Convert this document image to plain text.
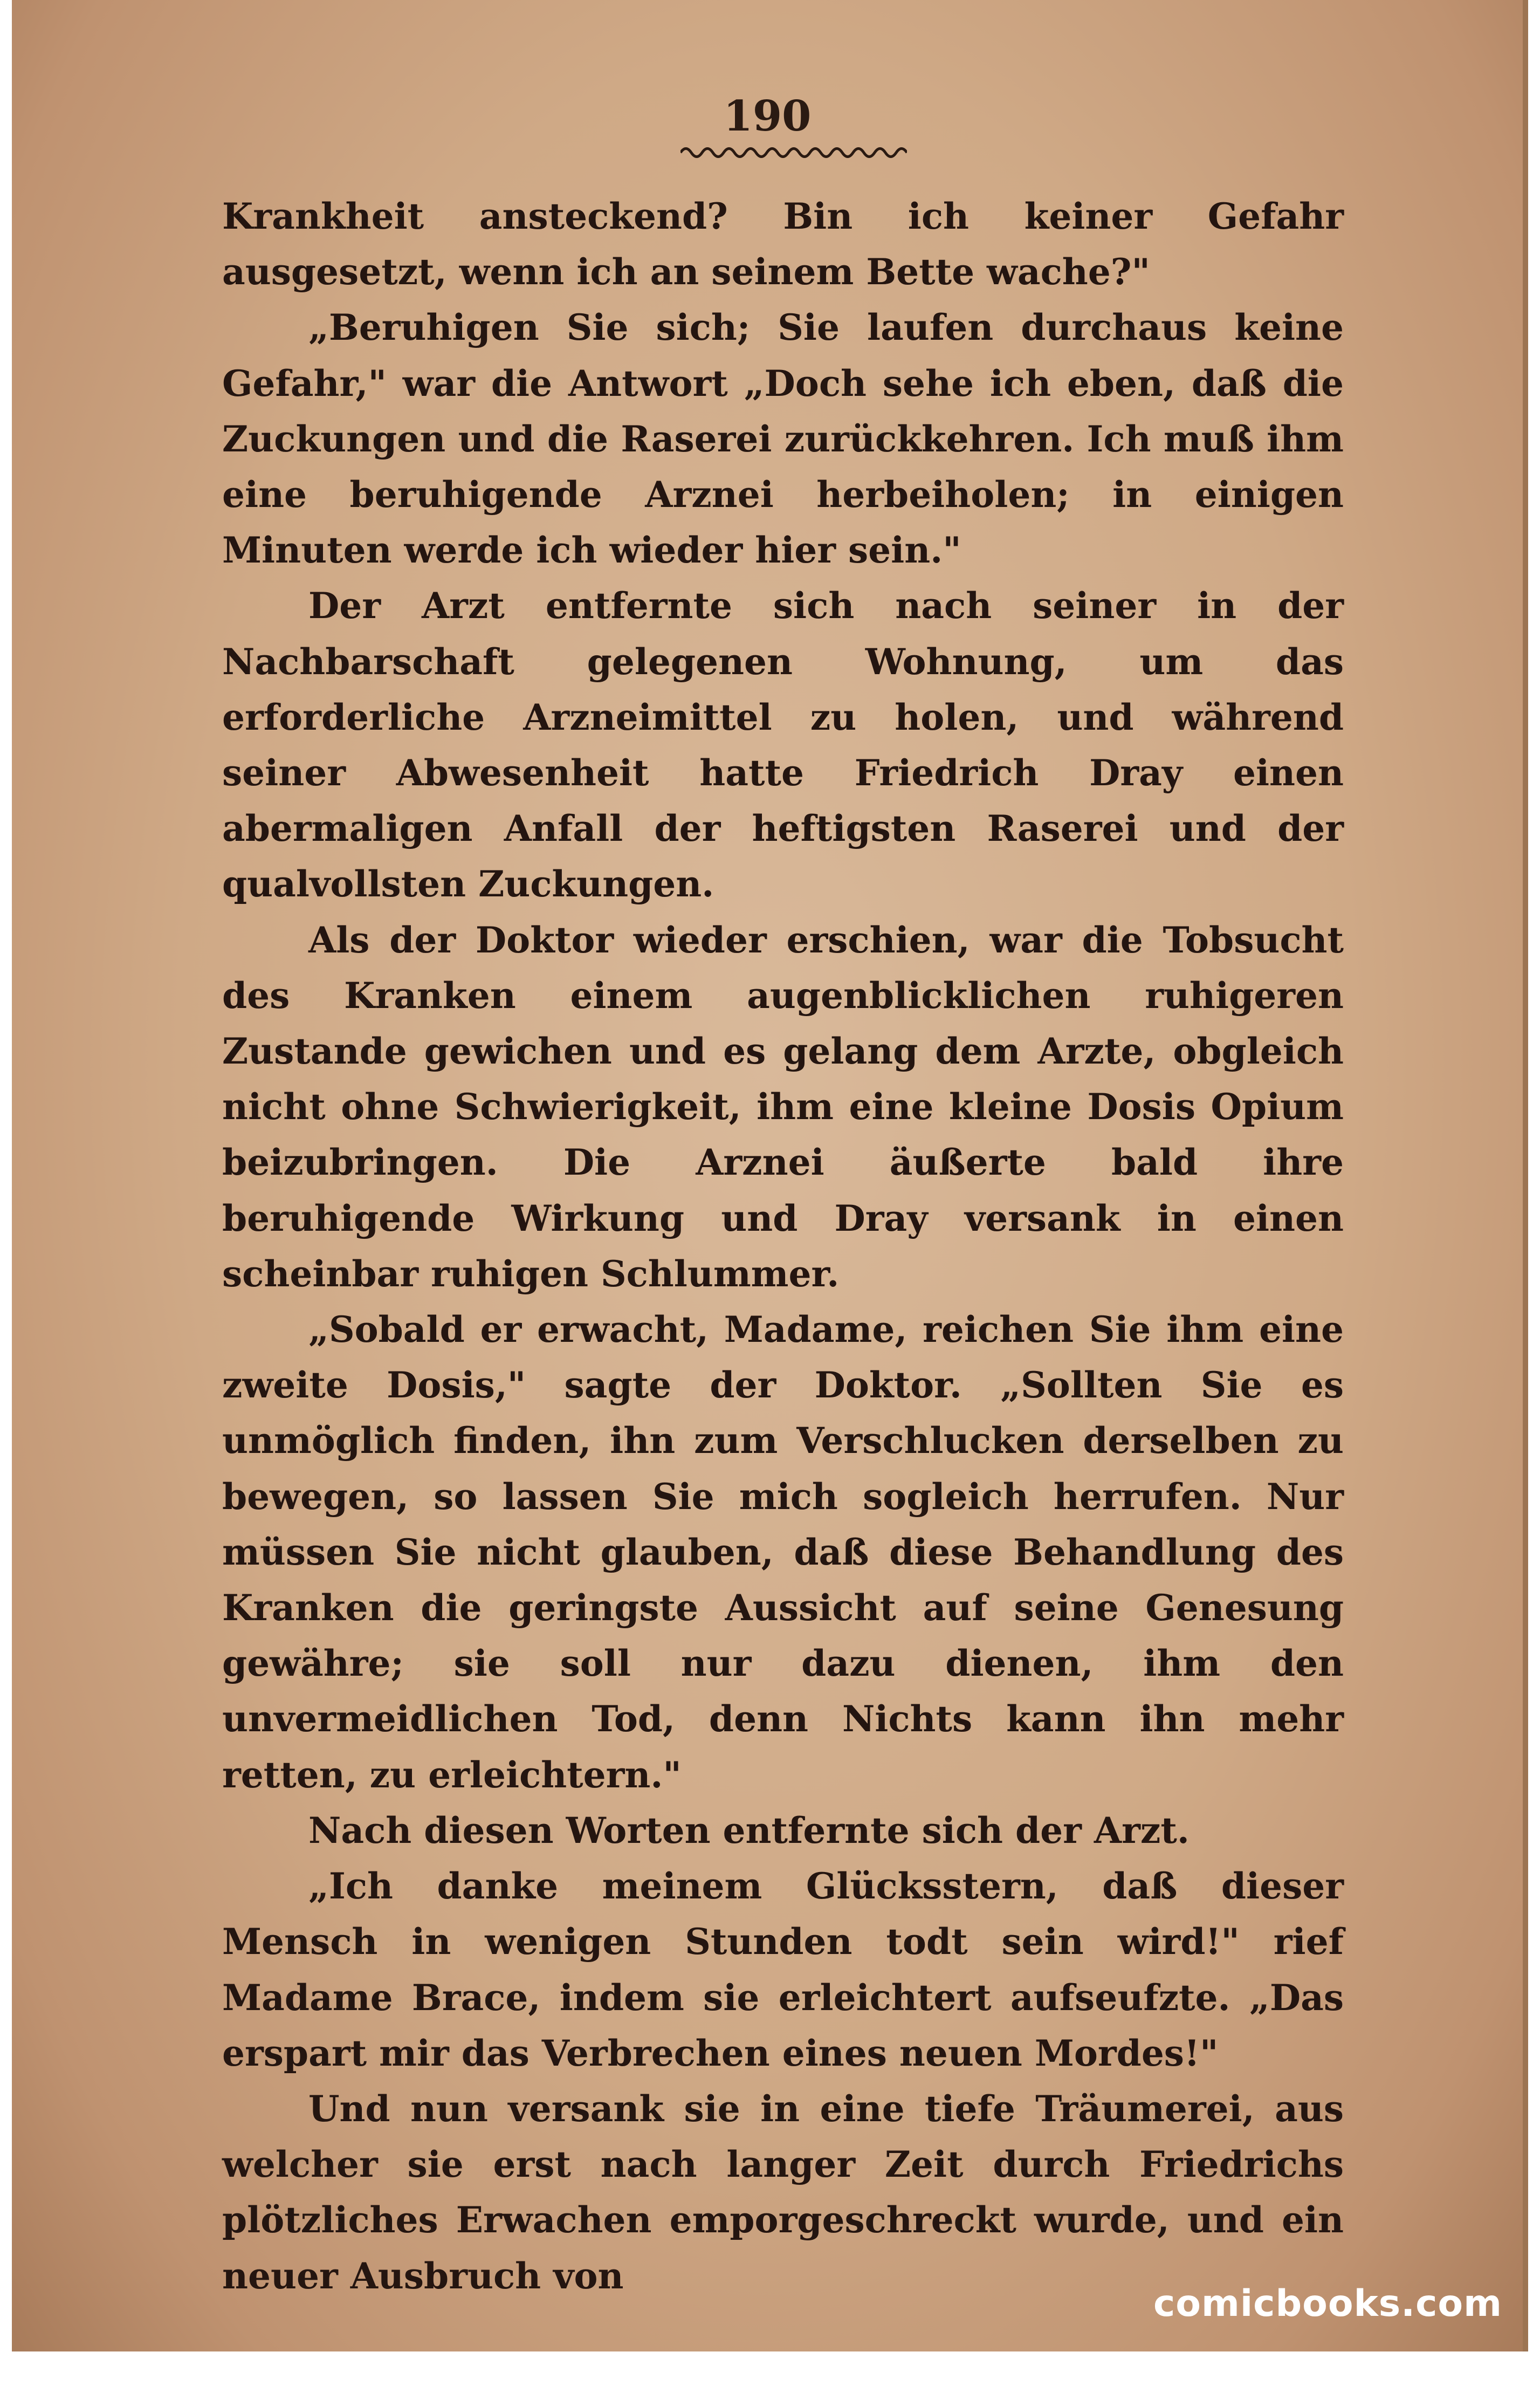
190

Krankheit ansteckend? Bin ich keiner Gefahr ausgesetzt, wenn ich an seinem Bette wache?"

„Beruhigen Sie sich; Sie laufen durchaus keine Gefahr," war die Antwort „Doch sehe ich eben, daß die Zuckungen und die Raserei zurückkehren. Ich muß ihm eine beruhigende Arznei herbeiholen; in einigen Minuten werde ich wieder hier sein."

Der Arzt entfernte sich nach seiner in der Nachbarschaft gelegenen Wohnung, um das erforderliche Arzneimittel zu holen, und während seiner Abwesenheit hatte Friedrich Dray einen abermaligen Anfall der heftigsten Raserei und der qualvollsten Zuckungen.

Als der Doktor wieder erschien, war die Tobsucht des Kranken einem augenblicklichen ruhigeren Zustande gewichen und es gelang dem Arzte, obgleich nicht ohne Schwierigkeit, ihm eine kleine Dosis Opium beizubringen. Die Arznei äußerte bald ihre beruhigende Wirkung und Dray versank in einen scheinbar ruhigen Schlummer.

„Sobald er erwacht, Madame, reichen Sie ihm eine zweite Dosis," sagte der Doktor. „Sollten Sie es unmöglich finden, ihn zum Verschlucken derselben zu bewegen, so lassen Sie mich sogleich herrufen. Nur müssen Sie nicht glauben, daß diese Behandlung des Kranken die geringste Aussicht auf seine Genesung gewähre; sie soll nur dazu dienen, ihm den unvermeidlichen Tod, denn Nichts kann ihn mehr retten, zu erleichtern."

Nach diesen Worten entfernte sich der Arzt.

„Ich danke meinem Glücksstern, daß dieser Mensch in wenigen Stunden todt sein wird!" rief Madame Brace, indem sie erleichtert aufseufzte. „Das erspart mir das Verbrechen eines neuen Mordes!"

Und nun versank sie in eine tiefe Träumerei, aus welcher sie erst nach langer Zeit durch Friedrichs plötzliches Erwachen emporgeschreckt wurde, und ein neuer Ausbruch von

comicbooks.com
